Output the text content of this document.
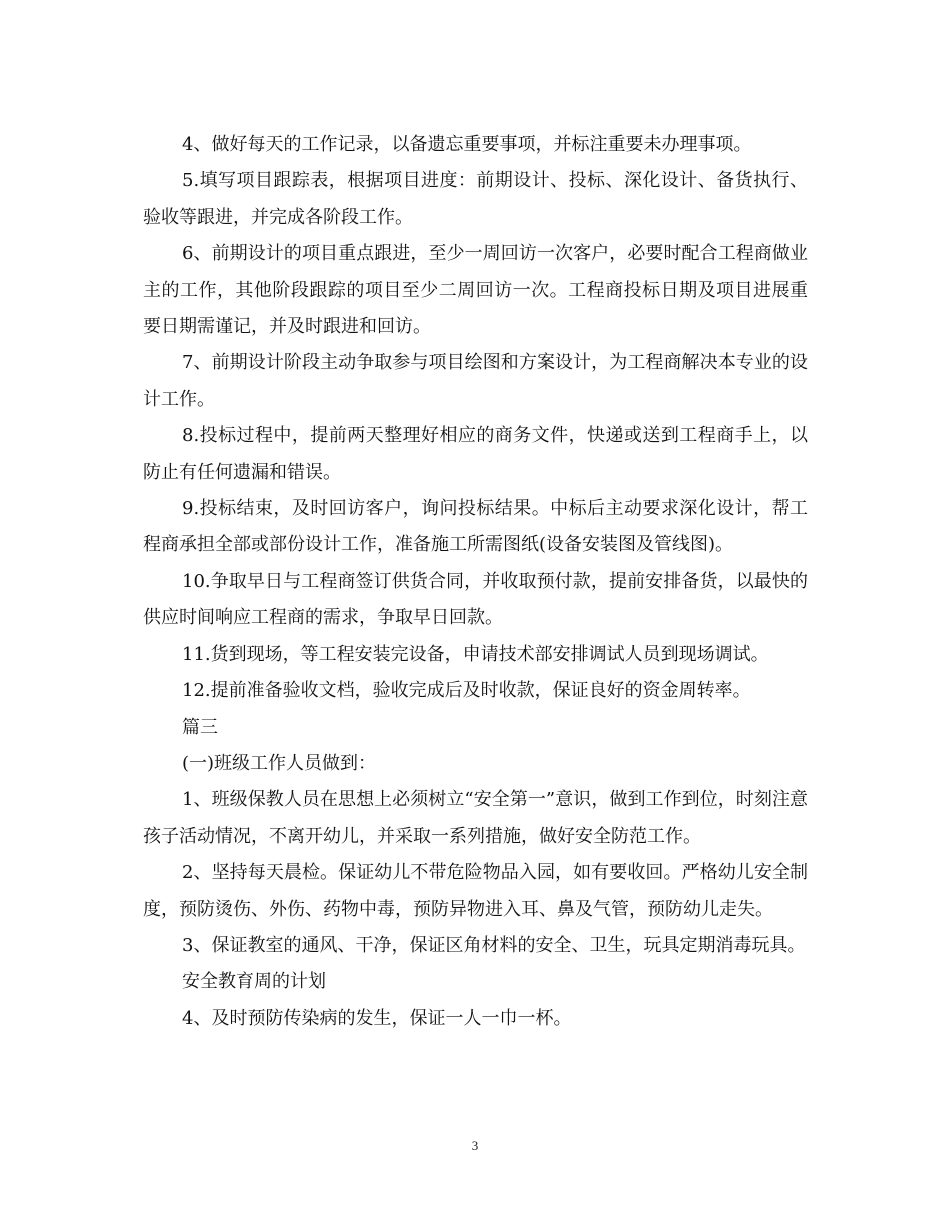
4、做好每天的工作记录，以备遗忘重要事项，并标注重要未办理事项。

5.填写项目跟踪表，根据项目进度：前期设计、投标、深化设计、备货执行、验收等跟进，并完成各阶段工作。

6、前期设计的项目重点跟进，至少一周回访一次客户，必要时配合工程商做业主的工作，其他阶段跟踪的项目至少二周回访一次。工程商投标日期及项目进展重要日期需谨记，并及时跟进和回访。

7、前期设计阶段主动争取参与项目绘图和方案设计，为工程商解决本专业的设计工作。

8.投标过程中，提前两天整理好相应的商务文件，快递或送到工程商手上，以防止有任何遗漏和错误。

9.投标结束，及时回访客户，询问投标结果。中标后主动要求深化设计，帮工程商承担全部或部份设计工作，准备施工所需图纸(设备安装图及管线图)。

10.争取早日与工程商签订供货合同，并收取预付款，提前安排备货，以最快的供应时间响应工程商的需求，争取早日回款。

11.货到现场，等工程安装完设备，申请技术部安排调试人员到现场调试。

12.提前准备验收文档，验收完成后及时收款，保证良好的资金周转率。

篇三

(一)班级工作人员做到：

1、班级保教人员在思想上必须树立“安全第一”意识，做到工作到位，时刻注意孩子活动情况，不离开幼儿，并采取一系列措施，做好安全防范工作。

2、坚持每天晨检。保证幼儿不带危险物品入园，如有要收回。严格幼儿安全制度，预防烫伤、外伤、药物中毒，预防异物进入耳、鼻及气管，预防幼儿走失。

3、保证教室的通风、干净，保证区角材料的安全、卫生，玩具定期消毒玩具。

安全教育周的计划

4、及时预防传染病的发生，保证一人一巾一杯。

3
